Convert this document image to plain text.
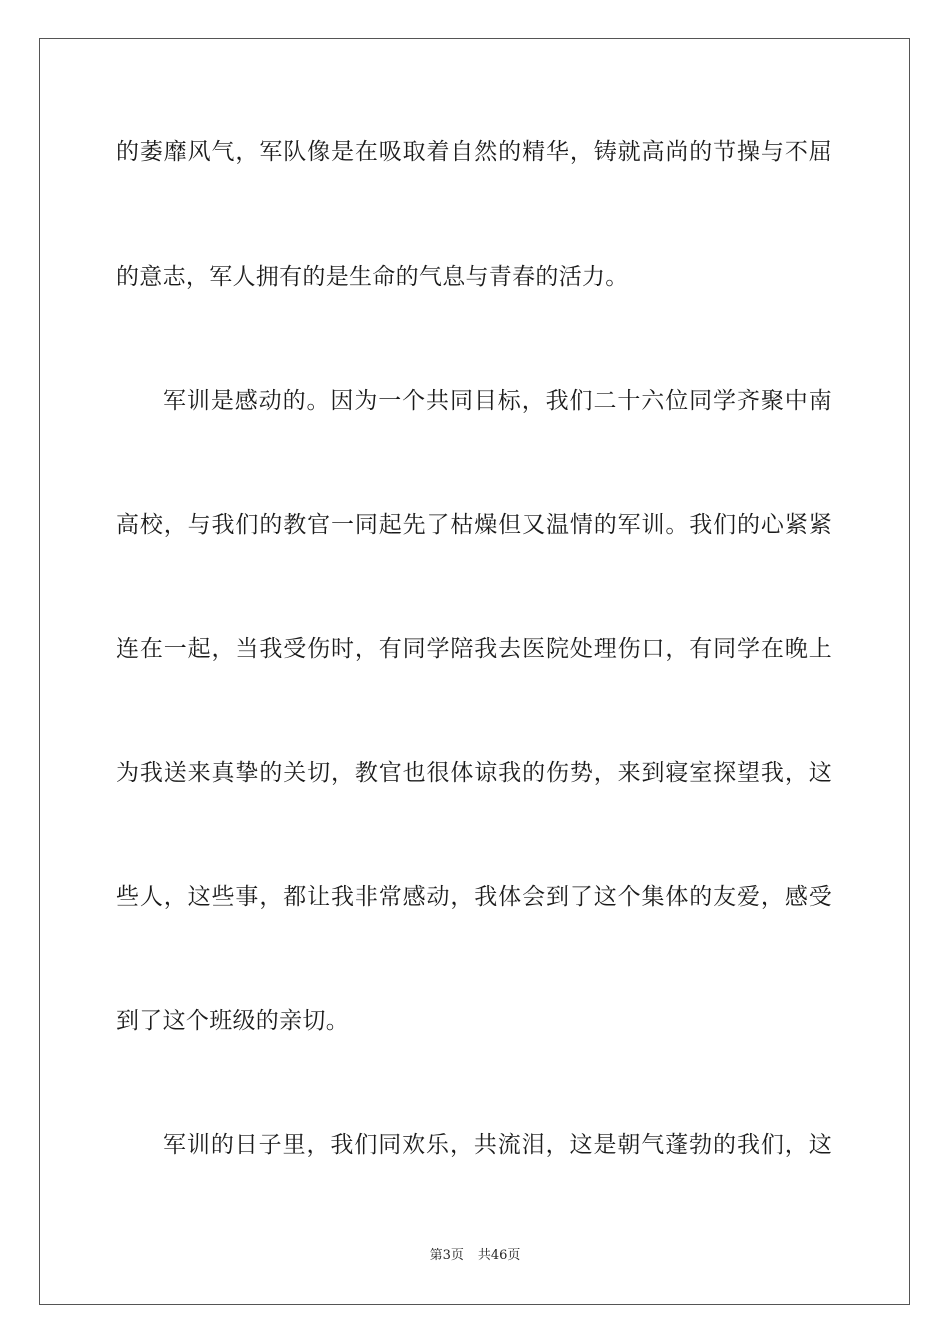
的萎靡风气，军队像是在吸取着自然的精华，铸就高尚的节操与不屈
的意志，军人拥有的是生命的气息与青春的活力。
军训是感动的。因为一个共同目标，我们二十六位同学齐聚中南
高校，与我们的教官一同起先了枯燥但又温情的军训。我们的心紧紧
连在一起，当我受伤时，有同学陪我去医院处理伤口，有同学在晚上
为我送来真挚的关切，教官也很体谅我的伤势，来到寝室探望我，这
些人，这些事，都让我非常感动，我体会到了这个集体的友爱，感受
到了这个班级的亲切。
军训的日子里，我们同欢乐，共流泪，这是朝气蓬勃的我们，这
第3页 共46页
